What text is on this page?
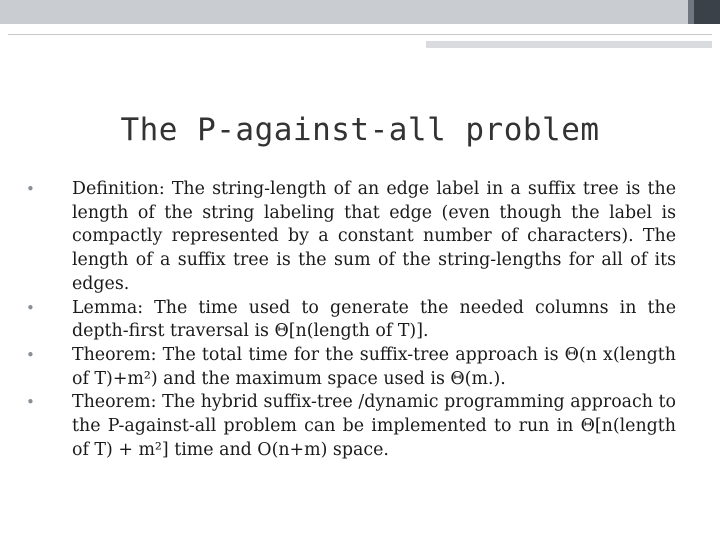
The P-against-all problem

• Definition: The string-length of an edge label in a suffix tree is the length of the string labeling that edge (even though the label is compactly represented by a constant number of characters). The length of a suffix tree is the sum of the string-lengths for all of its edges.

• Lemma: The time used to generate the needed columns in the depth-first traversal is Θ[n(length of T)].

• Theorem: The total time for the suffix-tree approach is Θ(n x(length of T)+m²) and the maximum space used is Θ(m.).

• Theorem: The hybrid suffix-tree /dynamic programming approach to the P-against-all problem can be implemented to run in Θ[n(length of T) + m²] time and O(n+m) space.
